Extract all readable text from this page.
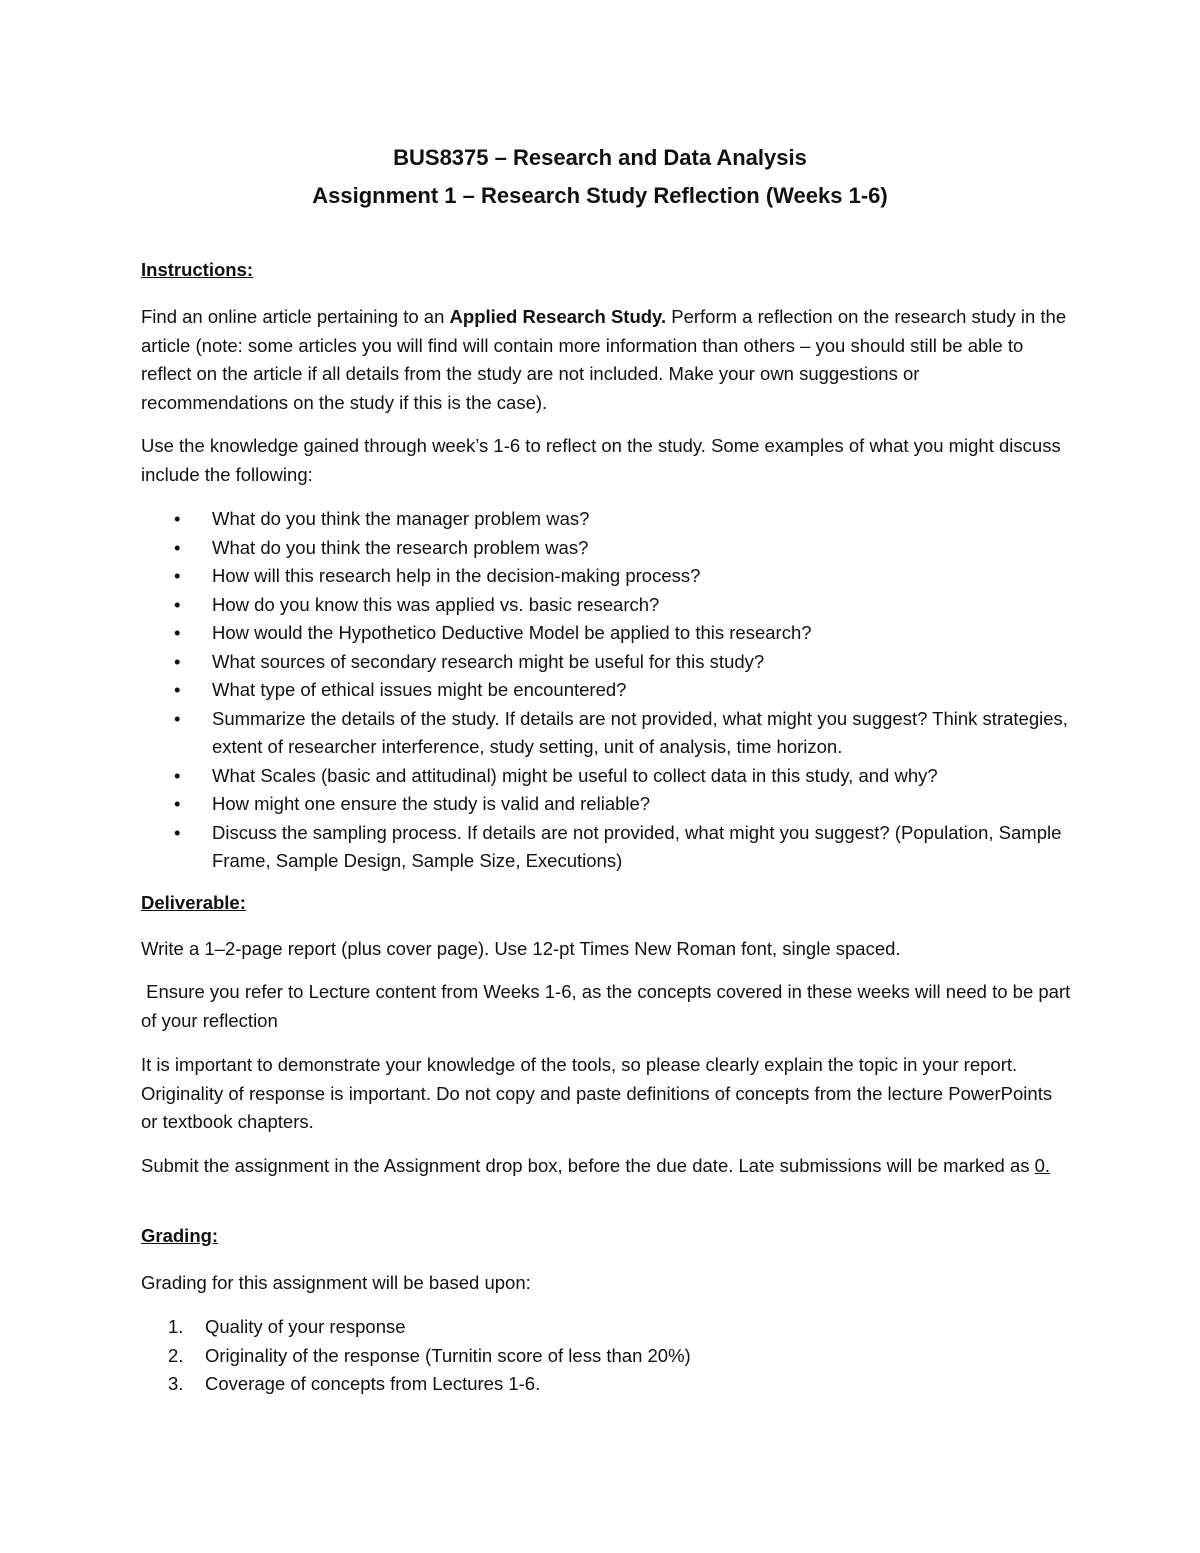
BUS8375 – Research and Data Analysis
Assignment 1 – Research Study Reflection (Weeks 1-6)
Instructions:

Find an online article pertaining to an Applied Research Study. Perform a reflection on the research study in the article (note: some articles you will find will contain more information than others – you should still be able to reflect on the article if all details from the study are not included. Make your own suggestions or recommendations on the study if this is the case).

Use the knowledge gained through week’s 1-6 to reflect on the study. Some examples of what you might discuss include the following:

• What do you think the manager problem was?
• What do you think the research problem was?
• How will this research help in the decision-making process?
• How do you know this was applied vs. basic research?
• How would the Hypothetico Deductive Model be applied to this research?
• What sources of secondary research might be useful for this study?
• What type of ethical issues might be encountered?
• Summarize the details of the study. If details are not provided, what might you suggest? Think strategies, extent of researcher interference, study setting, unit of analysis, time horizon.
• What Scales (basic and attitudinal) might be useful to collect data in this study, and why?
• How might one ensure the study is valid and reliable?
• Discuss the sampling process. If details are not provided, what might you suggest? (Population, Sample Frame, Sample Design, Sample Size, Executions)
Deliverable:

Write a 1–2-page report (plus cover page). Use 12-pt Times New Roman font, single spaced.

Ensure you refer to Lecture content from Weeks 1-6, as the concepts covered in these weeks will need to be part of your reflection

It is important to demonstrate your knowledge of the tools, so please clearly explain the topic in your report. Originality of response is important. Do not copy and paste definitions of concepts from the lecture PowerPoints or textbook chapters.

Submit the assignment in the Assignment drop box, before the due date. Late submissions will be marked as 0.

Grading:

Grading for this assignment will be based upon:

1. Quality of your response
2. Originality of the response (Turnitin score of less than 20%)
3. Coverage of concepts from Lectures 1-6.
